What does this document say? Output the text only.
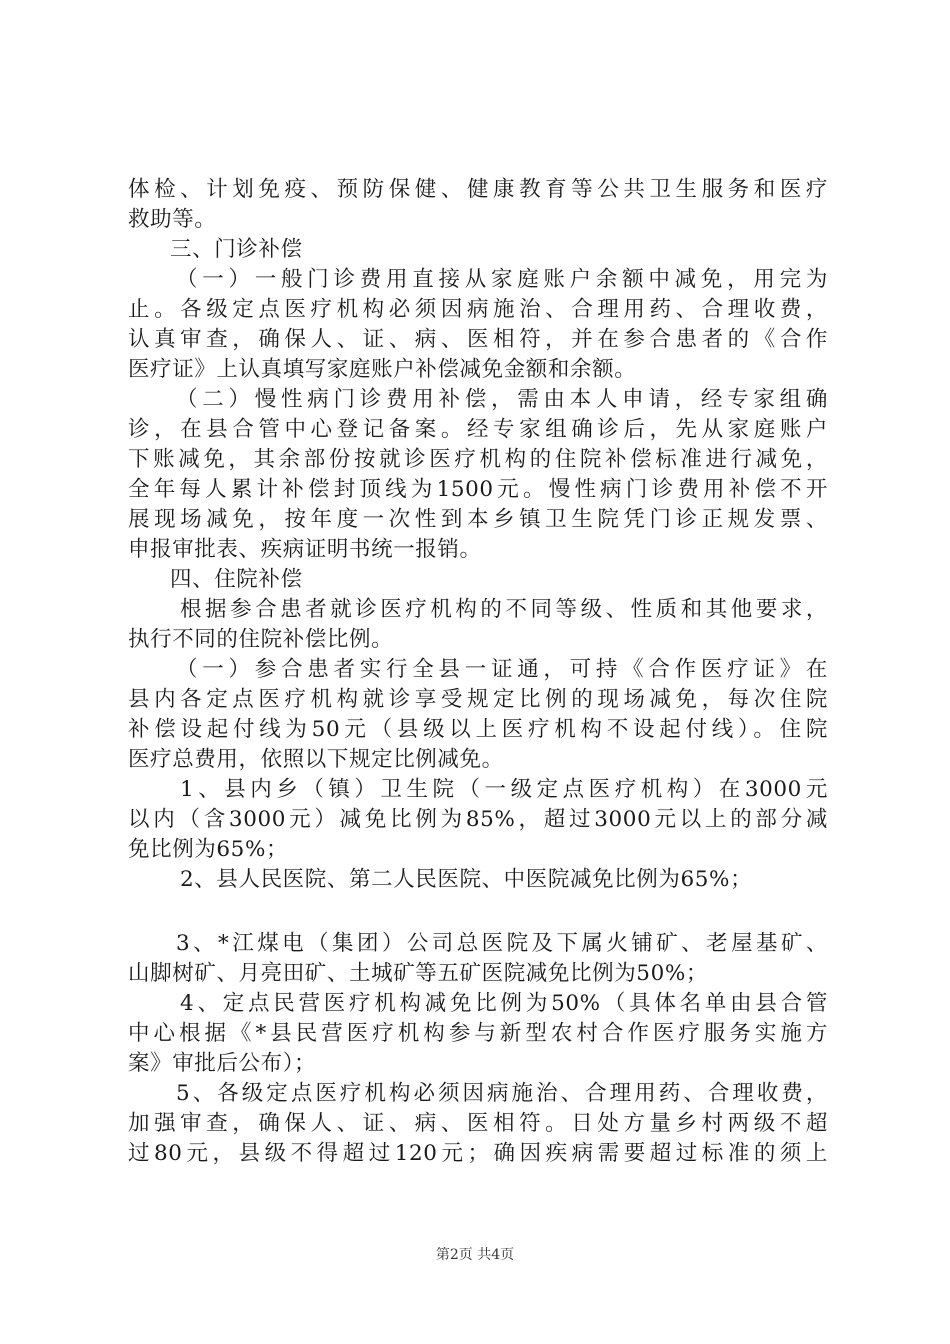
体检、计划免疫、预防保健、健康教育等公共卫生服务和医疗
救助等。
三、门诊补偿
（一）一般门诊费用直接从家庭账户余额中减免，用完为
止。各级定点医疗机构必须因病施治、合理用药、合理收费，
认真审查，确保人、证、病、医相符，并在参合患者的《合作
医疗证》上认真填写家庭账户补偿减免金额和余额。
（二）慢性病门诊费用补偿，需由本人申请，经专家组确
诊，在县合管中心登记备案。经专家组确诊后，先从家庭账户
下账减免，其余部份按就诊医疗机构的住院补偿标准进行减免，
全年每人累计补偿封顶线为1500元。慢性病门诊费用补偿不开
展现场减免，按年度一次性到本乡镇卫生院凭门诊正规发票、
申报审批表、疾病证明书统一报销。
四、住院补偿
根据参合患者就诊医疗机构的不同等级、性质和其他要求，
执行不同的住院补偿比例。
（一）参合患者实行全县一证通，可持《合作医疗证》在
县内各定点医疗机构就诊享受规定比例的现场减免，每次住院
补偿设起付线为50元（县级以上医疗机构不设起付线）。住院
医疗总费用，依照以下规定比例减免。
1、县内乡（镇）卫生院（一级定点医疗机构）在3000元
以内（含3000元）减免比例为85%，超过3000元以上的部分减
免比例为65%；
2、县人民医院、第二人民医院、中医院减免比例为65%；
3、*江煤电（集团）公司总医院及下属火铺矿、老屋基矿、
山脚树矿、月亮田矿、土城矿等五矿医院减免比例为50%；
4、定点民营医疗机构减免比例为50%（具体名单由县合管
中心根据《*县民营医疗机构参与新型农村合作医疗服务实施方
案》审批后公布）；
5、各级定点医疗机构必须因病施治、合理用药、合理收费，
加强审查，确保人、证、病、医相符。日处方量乡村两级不超
过80元，县级不得超过120元；确因疾病需要超过标准的须上
第2页 共4页
